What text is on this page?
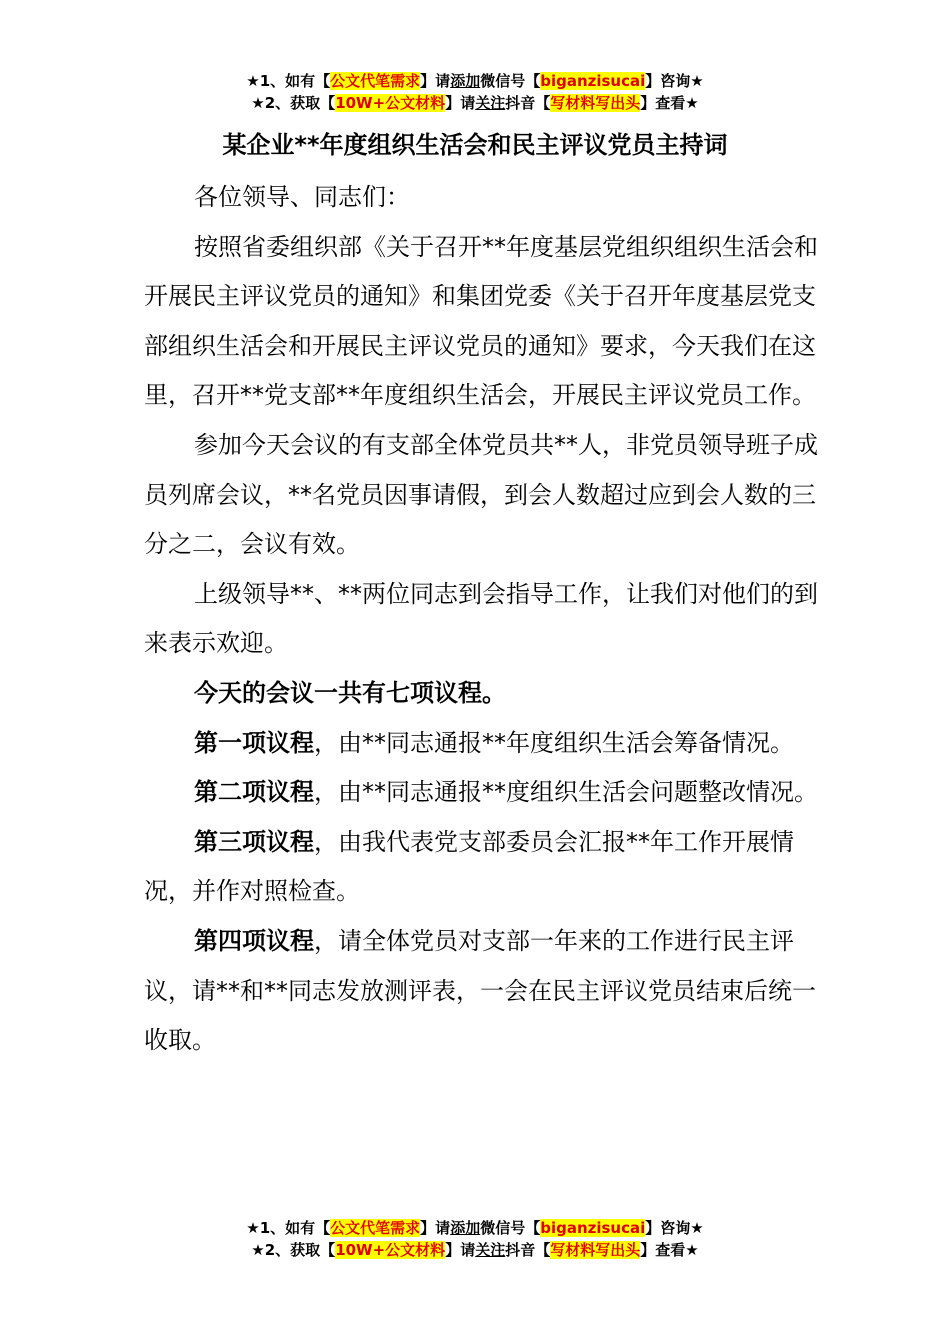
★1、如有【公文代笔需求】请添加微信号【biganzisucai】咨询★
★2、获取【10W+公文材料】请关注抖音【写材料写出头】查看★
某企业**年度组织生活会和民主评议党员主持词

各位领导、同志们：

按照省委组织部《关于召开**年度基层党组织组织生活会和开展民主评议党员的通知》和集团党委《关于召开年度基层党支部组织生活会和开展民主评议党员的通知》要求，今天我们在这里，召开**党支部**年度组织生活会，开展民主评议党员工作。

参加今天会议的有支部全体党员共**人，非党员领导班子成员列席会议，**名党员因事请假，到会人数超过应到会人数的三分之二，会议有效。

上级领导**、**两位同志到会指导工作，让我们对他们的到来表示欢迎。

今天的会议一共有七项议程。

第一项议程，由**同志通报**年度组织生活会筹备情况。

第二项议程，由**同志通报**度组织生活会问题整改情况。

第三项议程，由我代表党支部委员会汇报**年工作开展情况，并作对照检查。

第四项议程，请全体党员对支部一年来的工作进行民主评议，请**和**同志发放测评表，一会在民主评议党员结束后统一收取。

★1、如有【公文代笔需求】请添加微信号【biganzisucai】咨询★
★2、获取【10W+公文材料】请关注抖音【写材料写出头】查看★
